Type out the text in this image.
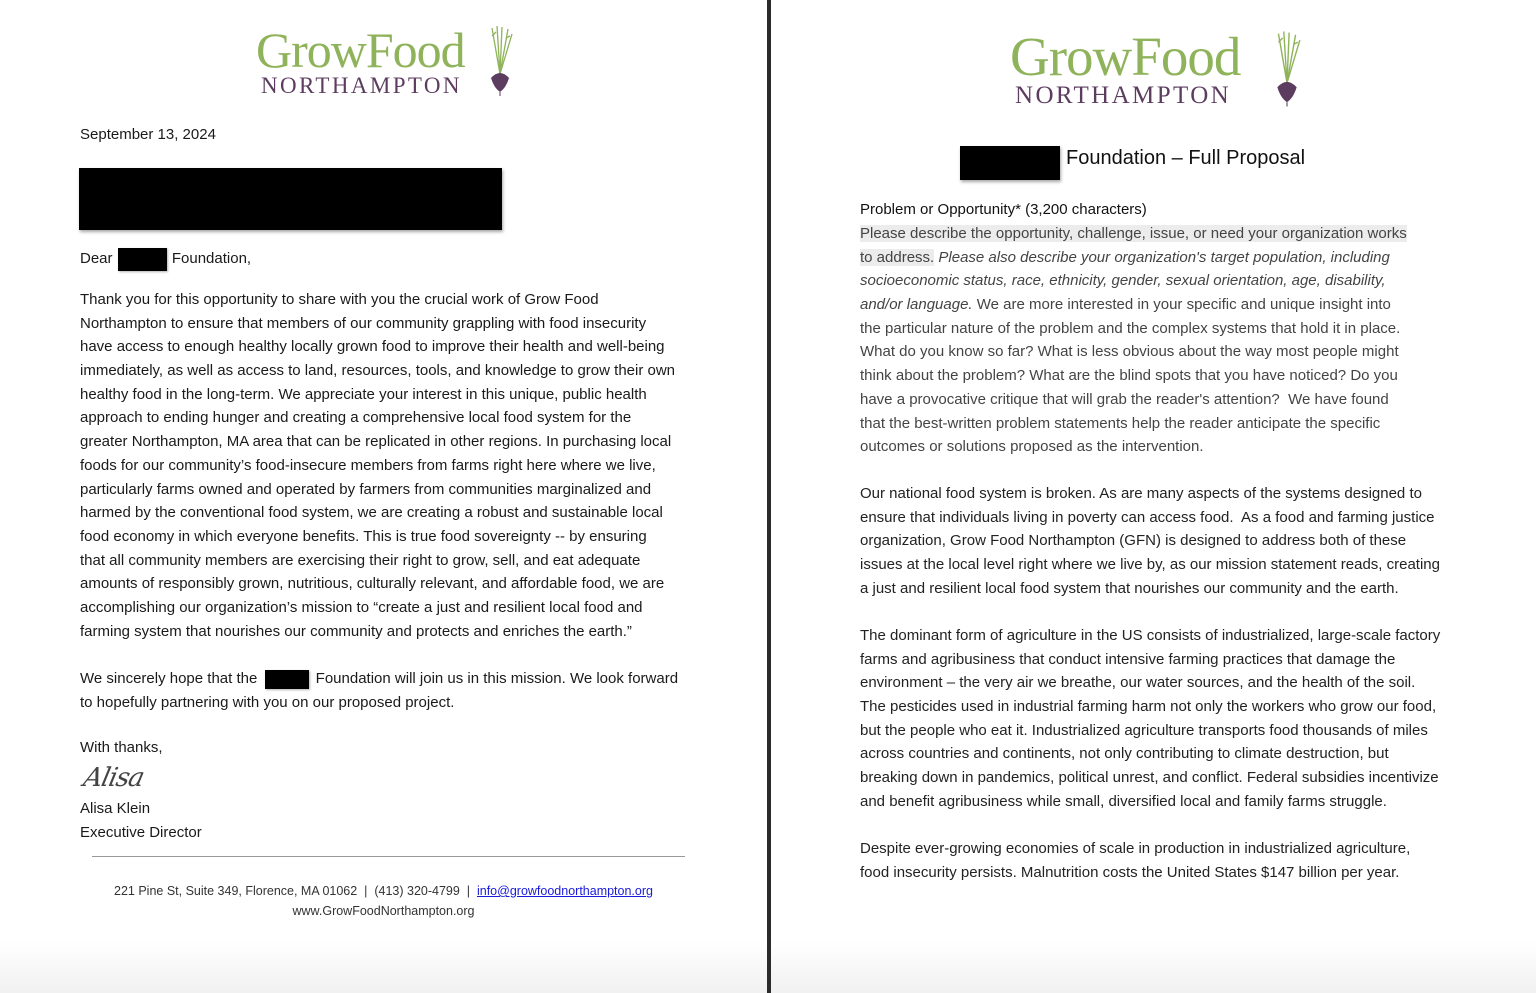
GrowFood
NORTHAMPTON
September 13, 2024
Dear	Foundation,
Thank you for this opportunity to share with you the crucial work of Grow Food
Northampton to ensure that members of our community grappling with food insecurity
have access to enough healthy locally grown food to improve their health and well-being
immediately, as well as access to land, resources, tools, and knowledge to grow their own
healthy food in the long-term. We appreciate your interest in this unique, public health
approach to ending hunger and creating a comprehensive local food system for the
greater Northampton, MA area that can be replicated in other regions. In purchasing local
foods for our community’s food-insecure members from farms right here where we live,
particularly farms owned and operated by farmers from communities marginalized and
harmed by the conventional food system, we are creating a robust and sustainable local
food economy in which everyone benefits. This is true food sovereignty -- by ensuring
that all community members are exercising their right to grow, sell, and eat adequate
amounts of responsibly grown, nutritious, culturally relevant, and affordable food, we are
accomplishing our organization’s mission to “create a just and resilient local food and
farming system that nourishes our community and protects and enriches the earth.”
We sincerely hope that the	Foundation will join us in this mission. We look forward
to hopefully partnering with you on our proposed project.
With thanks,
Alisa
Alisa Klein
Executive Director
221 Pine St, Suite 349, Florence, MA 01062  |  (413) 320-4799  |  info@growfoodnorthampton.org
www.GrowFoodNorthampton.org
GrowFood
NORTHAMPTON
Foundation – Full Proposal
Problem or Opportunity* (3,200 characters)
Please describe the opportunity, challenge, issue, or need your organization works
to address. Please also describe your organization's target population, including
socioeconomic status, race, ethnicity, gender, sexual orientation, age, disability,
and/or language. We are more interested in your specific and unique insight into
the particular nature of the problem and the complex systems that hold it in place.
What do you know so far? What is less obvious about the way most people might
think about the problem? What are the blind spots that you have noticed? Do you
have a provocative critique that will grab the reader's attention?  We have found
that the best-written problem statements help the reader anticipate the specific
outcomes or solutions proposed as the intervention.
Our national food system is broken. As are many aspects of the systems designed to
ensure that individuals living in poverty can access food.  As a food and farming justice
organization, Grow Food Northampton (GFN) is designed to address both of these
issues at the local level right where we live by, as our mission statement reads, creating
a just and resilient local food system that nourishes our community and the earth.
The dominant form of agriculture in the US consists of industrialized, large-scale factory
farms and agribusiness that conduct intensive farming practices that damage the
environment – the very air we breathe, our water sources, and the health of the soil.
The pesticides used in industrial farming harm not only the workers who grow our food,
but the people who eat it. Industrialized agriculture transports food thousands of miles
across countries and continents, not only contributing to climate destruction, but
breaking down in pandemics, political unrest, and conflict. Federal subsidies incentivize
and benefit agribusiness while small, diversified local and family farms struggle.
Despite ever-growing economies of scale in production in industrialized agriculture,
food insecurity persists. Malnutrition costs the United States $147 billion per year.
